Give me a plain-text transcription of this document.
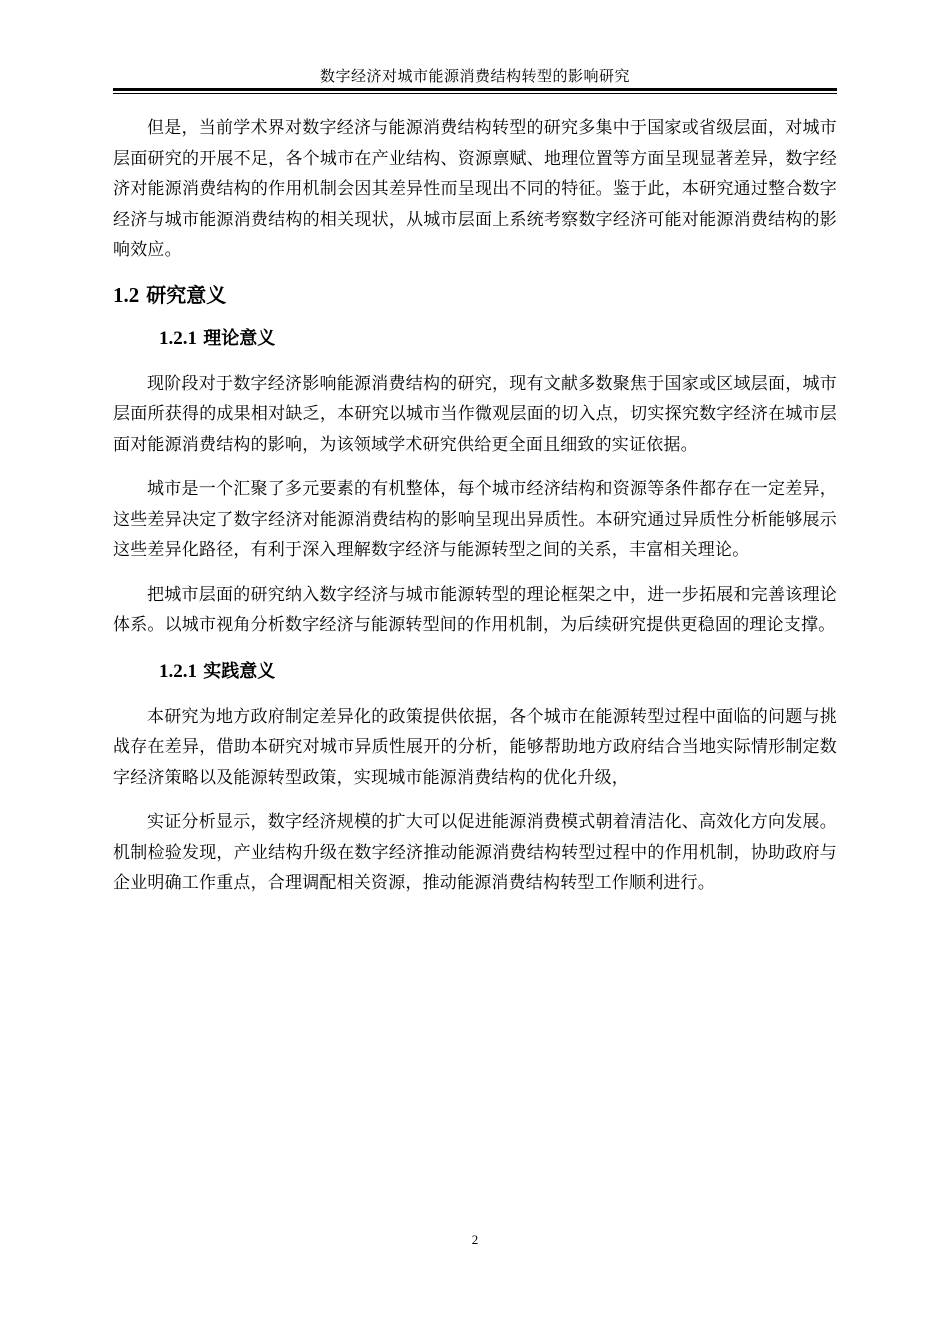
数字经济对城市能源消费结构转型的影响研究

但是，当前学术界对数字经济与能源消费结构转型的研究多集中于国家或省级层面，对城市层面研究的开展不足，各个城市在产业结构、资源禀赋、地理位置等方面呈现显著差异，数字经济对能源消费结构的作用机制会因其差异性而呈现出不同的特征。鉴于此，本研究通过整合数字经济与城市能源消费结构的相关现状，从城市层面上系统考察数字经济可能对能源消费结构的影响效应。

1.2 研究意义
1.2.1 理论意义

现阶段对于数字经济影响能源消费结构的研究，现有文献多数聚焦于国家或区域层面，城市层面所获得的成果相对缺乏，本研究以城市当作微观层面的切入点，切实探究数字经济在城市层面对能源消费结构的影响，为该领域学术研究供给更全面且细致的实证依据。

城市是一个汇聚了多元要素的有机整体，每个城市经济结构和资源等条件都存在一定差异，这些差异决定了数字经济对能源消费结构的影响呈现出异质性。本研究通过异质性分析能够展示这些差异化路径，有利于深入理解数字经济与能源转型之间的关系，丰富相关理论。

把城市层面的研究纳入数字经济与城市能源转型的理论框架之中，进一步拓展和完善该理论体系。以城市视角分析数字经济与能源转型间的作用机制，为后续研究提供更稳固的理论支撑。

1.2.1 实践意义

本研究为地方政府制定差异化的政策提供依据，各个城市在能源转型过程中面临的问题与挑战存在差异，借助本研究对城市异质性展开的分析，能够帮助地方政府结合当地实际情形制定数字经济策略以及能源转型政策，实现城市能源消费结构的优化升级，

实证分析显示，数字经济规模的扩大可以促进能源消费模式朝着清洁化、高效化方向发展。机制检验发现，产业结构升级在数字经济推动能源消费结构转型过程中的作用机制，协助政府与企业明确工作重点，合理调配相关资源，推动能源消费结构转型工作顺利进行。

2
